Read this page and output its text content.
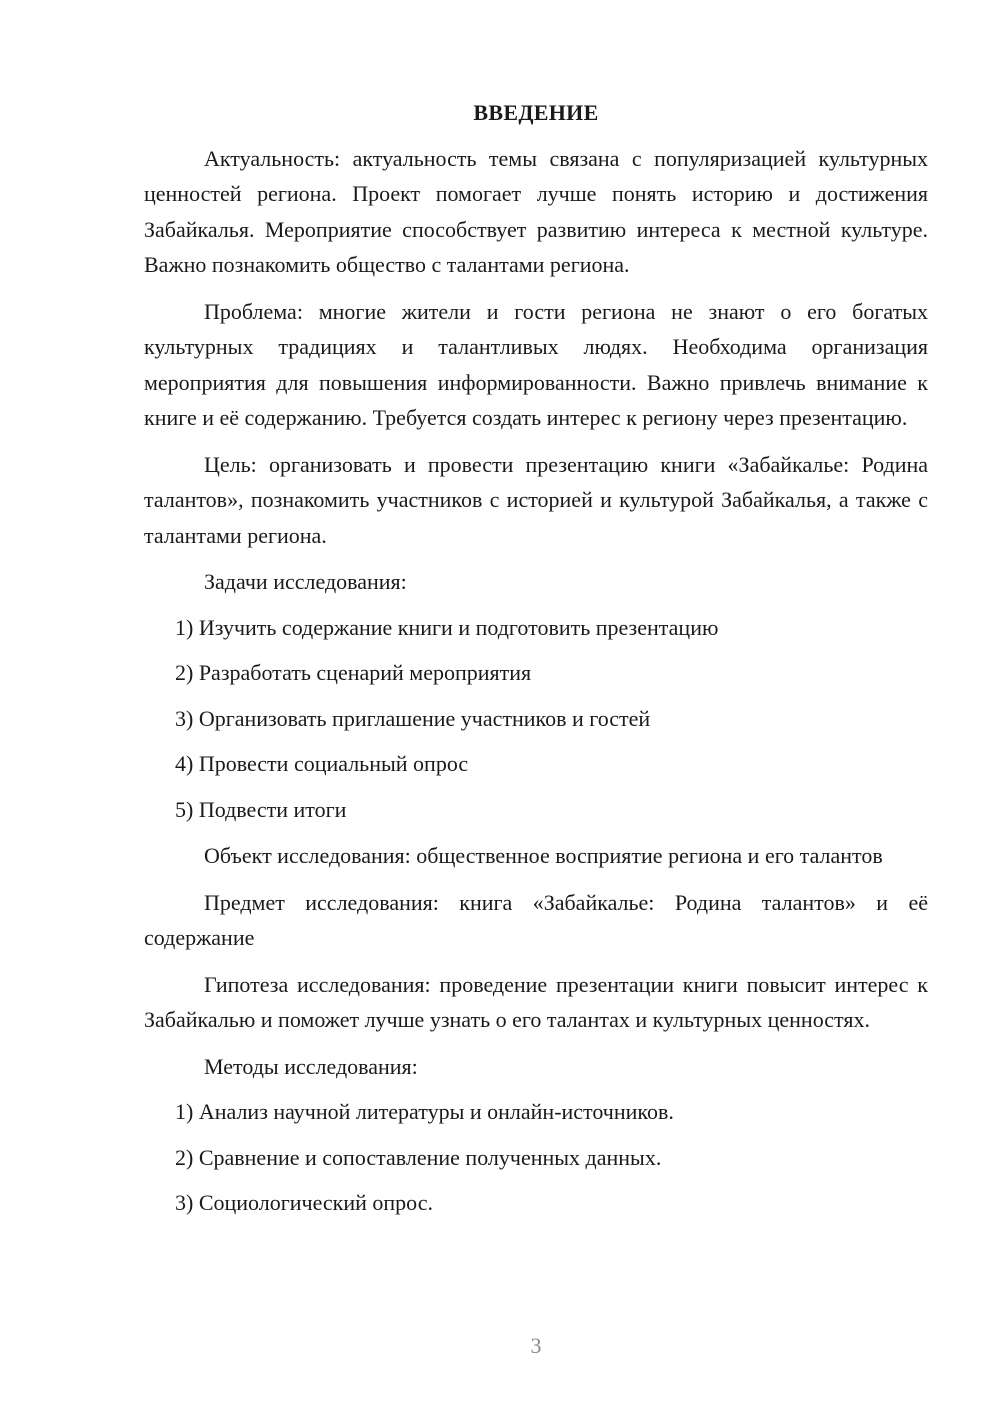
ВВЕДЕНИЕ

Актуальность: актуальность темы связана с популяризацией культурных ценностей региона. Проект помогает лучше понять историю и достижения Забайкалья. Мероприятие способствует развитию интереса к местной культуре. Важно познакомить общество с талантами региона.

Проблема: многие жители и гости региона не знают о его богатых культурных традициях и талантливых людях. Необходима организация мероприятия для повышения информированности. Важно привлечь внимание к книге и её содержанию. Требуется создать интерес к региону через презентацию.

Цель: организовать и провести презентацию книги «Забайкалье: Родина талантов», познакомить участников с историей и культурой Забайкалья, а также с талантами региона.

Задачи исследования:

1) Изучить содержание книги и подготовить презентацию
2) Разработать сценарий мероприятия
3) Организовать приглашение участников и гостей
4) Провести социальный опрос
5) Подвести итоги

Объект исследования: общественное восприятие региона и его талантов

Предмет исследования: книга «Забайкалье: Родина талантов» и её содержание

Гипотеза исследования: проведение презентации книги повысит интерес к Забайкалью и поможет лучше узнать о его талантах и культурных ценностях.

Методы исследования:

1) Анализ научной литературы и онлайн-источников.
2) Сравнение и сопоставление полученных данных.
3) Социологический опрос.
3
